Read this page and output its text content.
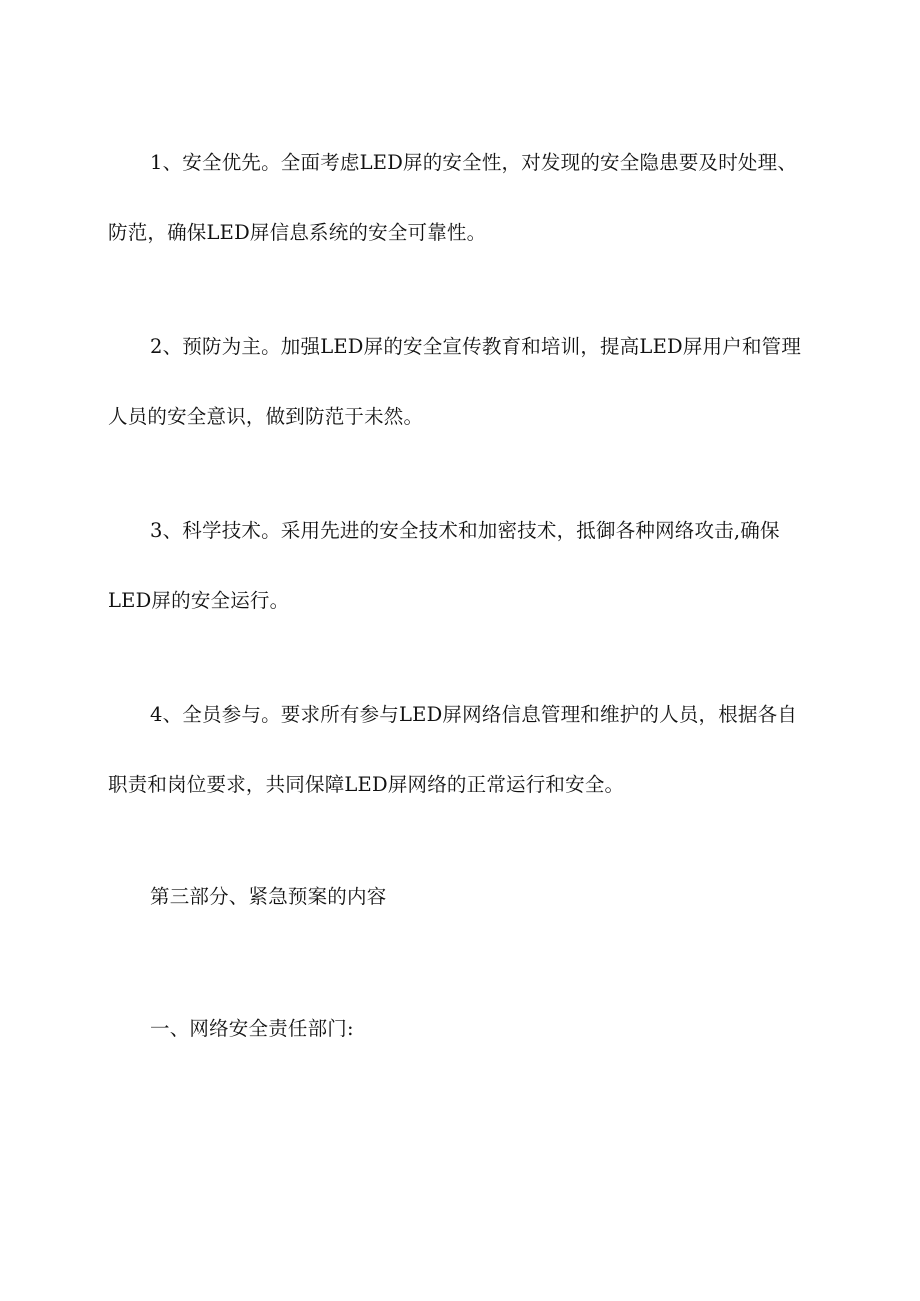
1、安全优先。全面考虑LED屏的安全性，对发现的安全隐患要及时处理、
防范，确保LED屏信息系统的安全可靠性。
2、预防为主。加强LED屏的安全宣传教育和培训，提高LED屏用户和管理
人员的安全意识，做到防范于未然。
3、科学技术。采用先进的安全技术和加密技术，抵御各种网络攻击,确保
LED屏的安全运行。
4、全员参与。要求所有参与LED屏网络信息管理和维护的人员，根据各自
职责和岗位要求，共同保障LED屏网络的正常运行和安全。
第三部分、紧急预案的内容
一、网络安全责任部门:
